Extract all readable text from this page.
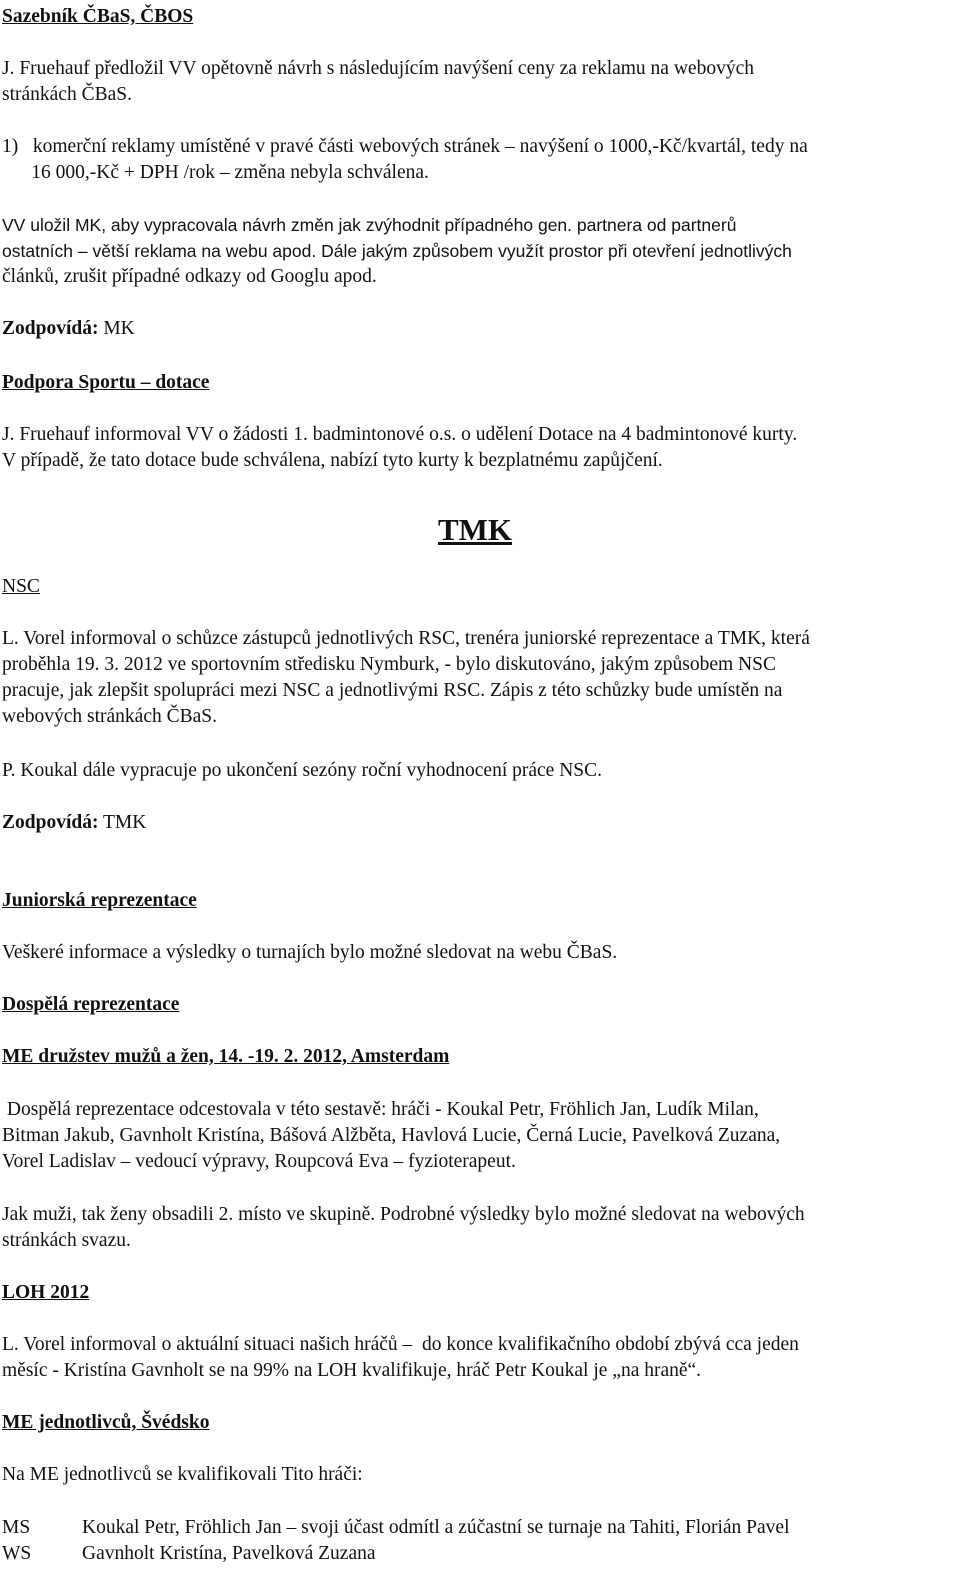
Sazebník ČBaS, ČBOS
J. Fruehauf předložil VV opětovně návrh s následujícím navýšení ceny za reklamu na webových
stránkách ČBaS.
1)   komerční reklamy umístěné v pravé části webových stránek – navýšení o 1000,-Kč/kvartál, tedy na
16 000,-Kč + DPH /rok – změna nebyla schválena.
VV uložil MK, aby vypracovala návrh změn jak zvýhodnit případného gen. partnera od partnerů
ostatních – větší reklama na webu apod. Dále jakým způsobem využít prostor při otevření jednotlivých
článků, zrušit případné odkazy od Googlu apod.
Zodpovídá: MK
Podpora Sportu – dotace
J. Fruehauf informoval VV o žádosti 1. badmintonové o.s. o udělení Dotace na 4 badmintonové kurty.
V případě, že tato dotace bude schválena, nabízí tyto kurty k bezplatnému zapůjčení.
TMK
NSC
L. Vorel informoval o schůzce zástupců jednotlivých RSC, trenéra juniorské reprezentace a TMK, která
proběhla 19. 3. 2012 ve sportovním středisku Nymburk, - bylo diskutováno, jakým způsobem NSC
pracuje, jak zlepšit spolupráci mezi NSC a jednotlivými RSC. Zápis z této schůzky bude umístěn na
webových stránkách ČBaS.
P. Koukal dále vypracuje po ukončení sezóny roční vyhodnocení práce NSC.
Zodpovídá: TMK
Juniorská reprezentace
Veškeré informace a výsledky o turnajích bylo možné sledovat na webu ČBaS.
Dospělá reprezentace
ME družstev mužů a žen, 14. -19. 2. 2012, Amsterdam
Dospělá reprezentace odcestovala v této sestavě: hráči - Koukal Petr, Fröhlich Jan, Ludík Milan,
Bitman Jakub, Gavnholt Kristína, Bášová Alžběta, Havlová Lucie, Černá Lucie, Pavelková Zuzana,
Vorel Ladislav – vedoucí výpravy, Roupcová Eva – fyzioterapeut.
Jak muži, tak ženy obsadili 2. místo ve skupině. Podrobné výsledky bylo možné sledovat na webových
stránkách svazu.
LOH 2012
L. Vorel informoval o aktuální situaci našich hráčů –  do konce kvalifikačního období zbývá cca jeden
měsíc - Kristína Gavnholt se na 99% na LOH kvalifikuje, hráč Petr Koukal je „na hraně“.
ME jednotlivců, Švédsko
Na ME jednotlivců se kvalifikovali Tito hráči:
MS	Koukal Petr, Fröhlich Jan – svoji účast odmítl a zúčastní se turnaje na Tahiti, Florián Pavel
WS	Gavnholt Kristína, Pavelková Zuzana
